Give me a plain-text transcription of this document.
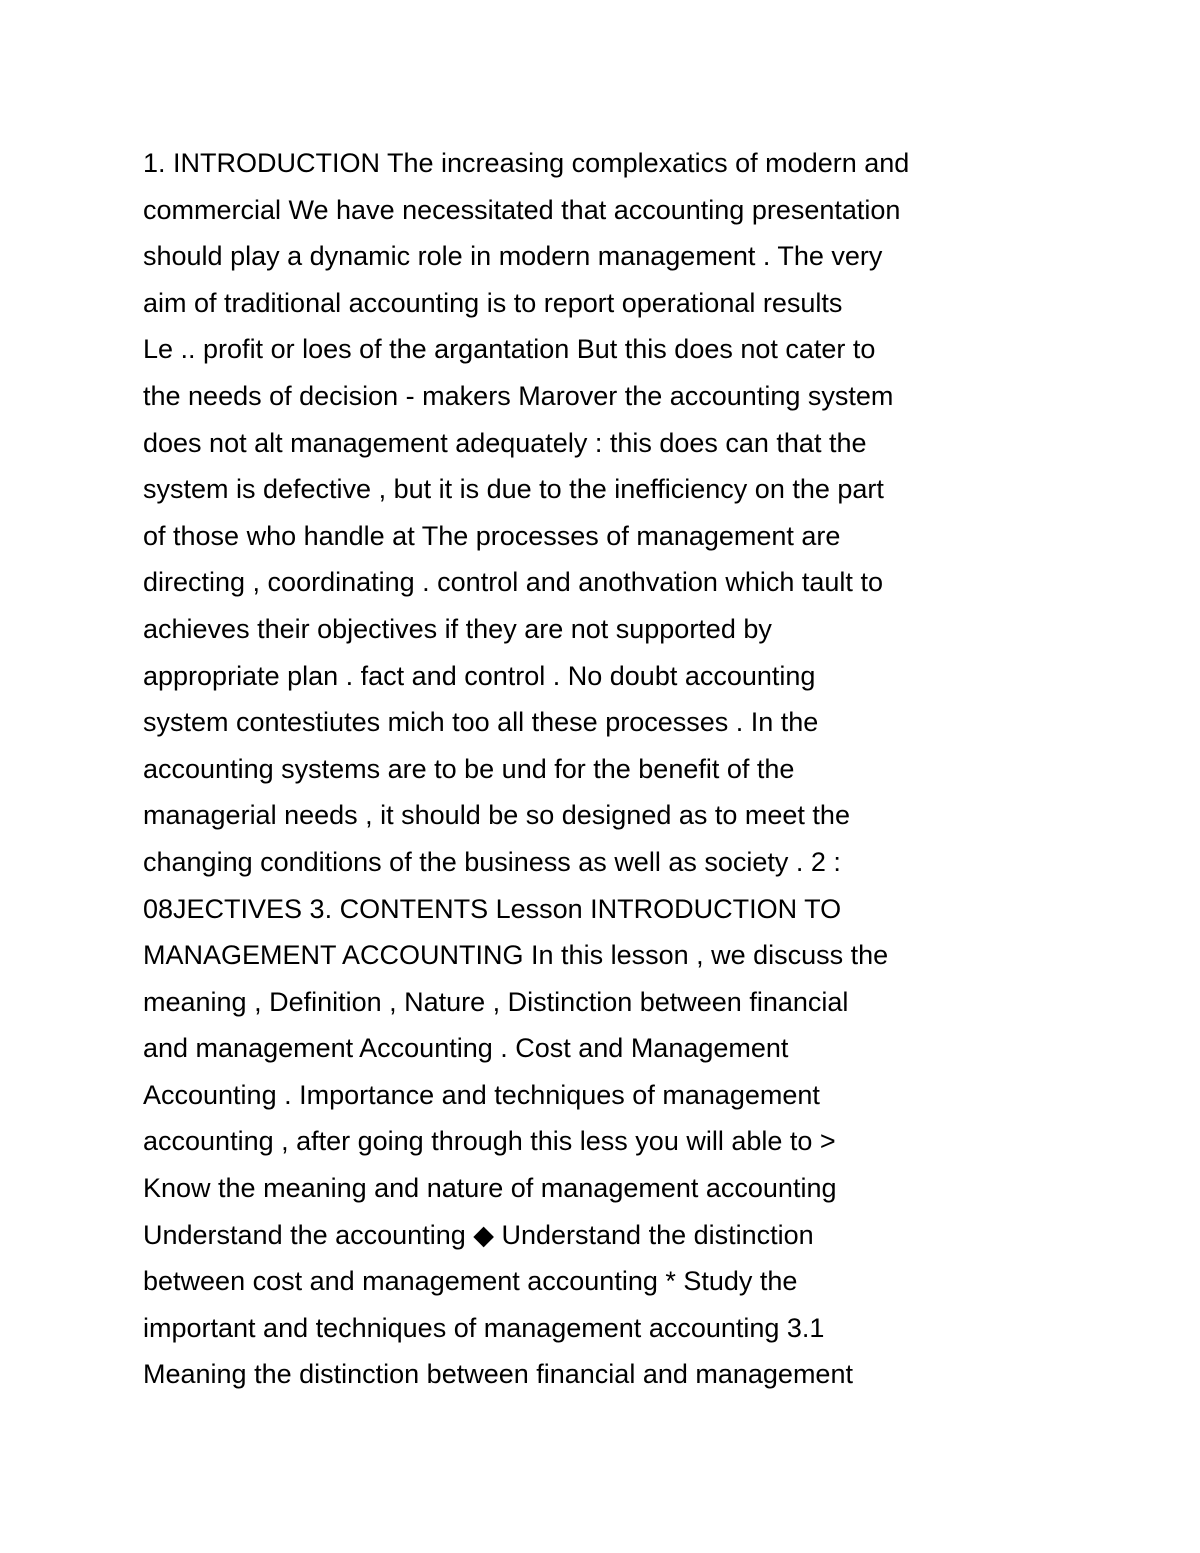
1. INTRODUCTION The increasing complexatics of modern and
commercial We have necessitated that accounting presentation
should play a dynamic role in modern management . The very
aim of traditional accounting is to report operational results
Le .. profit or loes of the argantation But this does not cater to
the needs of decision - makers Marover the accounting system
does not alt management adequately : this does can that the
system is defective , but it is due to the inefficiency on the part
of those who handle at The processes of management are
directing , coordinating . control and anothvation which tault to
achieves their objectives if they are not supported by
appropriate plan . fact and control . No doubt accounting
system contestiutes mich too all these processes . In the
accounting systems are to be und for the benefit of the
managerial needs , it should be so designed as to meet the
changing conditions of the business as well as society . 2 :
08JECTIVES 3. CONTENTS Lesson INTRODUCTION TO
MANAGEMENT ACCOUNTING In this lesson , we discuss the
meaning , Definition , Nature , Distinction between financial
and management Accounting . Cost and Management
Accounting . Importance and techniques of management
accounting , after going through this less you will able to >
Know the meaning and nature of management accounting
Understand the accounting ◆ Understand the distinction
between cost and management accounting * Study the
important and techniques of management accounting 3.1
Meaning the distinction between financial and management
